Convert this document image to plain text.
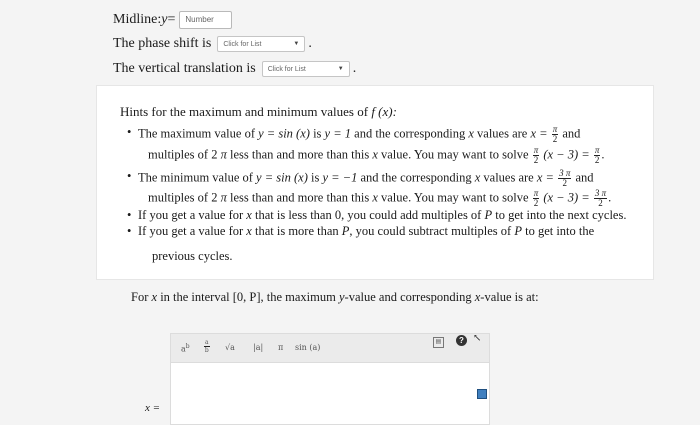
Midline: y =	Number
The phase shift is Click for List	▼ .
The vertical translation is Click for List	▼ .
Hints for the maximum and minimum values of f (x):
• The maximum value of y = sin (x) is y = 1 and the corresponding x values are $x = \frac{\pi}{2}$ and
multiples of 2 π less than and more than this x value. You may want to solve $\frac{\pi}{2} (x - 3) = \frac{\pi}{2}$ .
• The minimum value of y = sin (x) is y = −1 and the corresponding x values are $x = \frac{3 \pi}{2}$ and
multiples of 2 π less than and more than this x value. You may want to solve $\frac{\pi}{2} (x - 3) = \frac{3 \pi}{2}$ .
• If you get a value for x that is less than 0, you could add multiples of P to get into the next cycles.
• If you get a value for x that is more than P, you could subtract multiples of P to get into the
previous cycles.
For x in the interval [0, P], the maximum y-value and corresponding x-value is at:
$a^b \frac{a}{b} √a$ |a| π sin (a)
▤	? ↖
x =
